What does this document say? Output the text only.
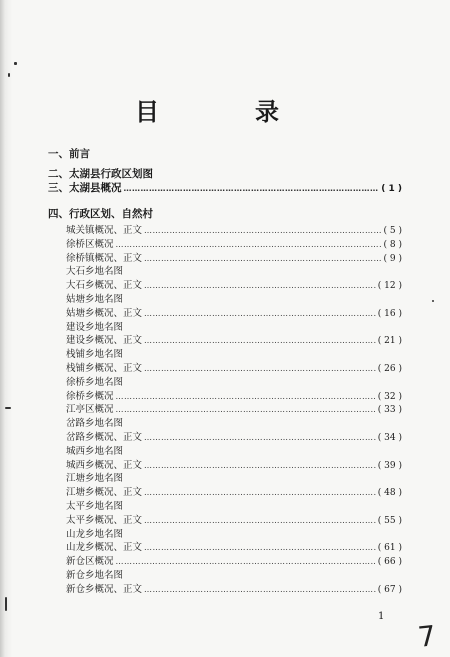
目　录
一、前言
二、太湖县行政区划图
三、太湖县概况 ……………………………………………………………………………………………………………………………………………………………………………………	( 1 )
四、行政区划、自然村
城关镇概况、正文 ……………………………………………………………………………………………………………………………………………………………………………………	( 5 )
徐桥区概况 ……………………………………………………………………………………………………………………………………………………………………………………	( 8 )
徐桥镇概况、正文 ……………………………………………………………………………………………………………………………………………………………………………………	( 9 )
大石乡地名图
大石乡概况、正文 ……………………………………………………………………………………………………………………………………………………………………………………	( 12 )
姑塘乡地名图
姑塘乡概况、正文 ……………………………………………………………………………………………………………………………………………………………………………………	( 16 )
建设乡地名图
建设乡概况、正文 ……………………………………………………………………………………………………………………………………………………………………………………	( 21 )
栈铺乡地名图
栈铺乡概况、正文 ……………………………………………………………………………………………………………………………………………………………………………………	( 26 )
徐桥乡地名图
徐桥乡概况 ……………………………………………………………………………………………………………………………………………………………………………………	( 32 )
江亭区概况 ……………………………………………………………………………………………………………………………………………………………………………………	( 33 )
岔路乡地名图
岔路乡概况、正文 ……………………………………………………………………………………………………………………………………………………………………………………	( 34 )
城西乡地名图
城西乡概况、正文 ……………………………………………………………………………………………………………………………………………………………………………………	( 39 )
江塘乡地名图
江塘乡概况、正文 ……………………………………………………………………………………………………………………………………………………………………………………	( 48 )
太平乡地名图
太平乡概况、正文 ……………………………………………………………………………………………………………………………………………………………………………………	( 55 )
山龙乡地名图
山龙乡概况、正文 ……………………………………………………………………………………………………………………………………………………………………………………	( 61 )
新仓区概况 ……………………………………………………………………………………………………………………………………………………………………………………	( 66 )
新仓乡地名图
新仓乡概况、正文 ……………………………………………………………………………………………………………………………………………………………………………………	( 67 )
1
7
